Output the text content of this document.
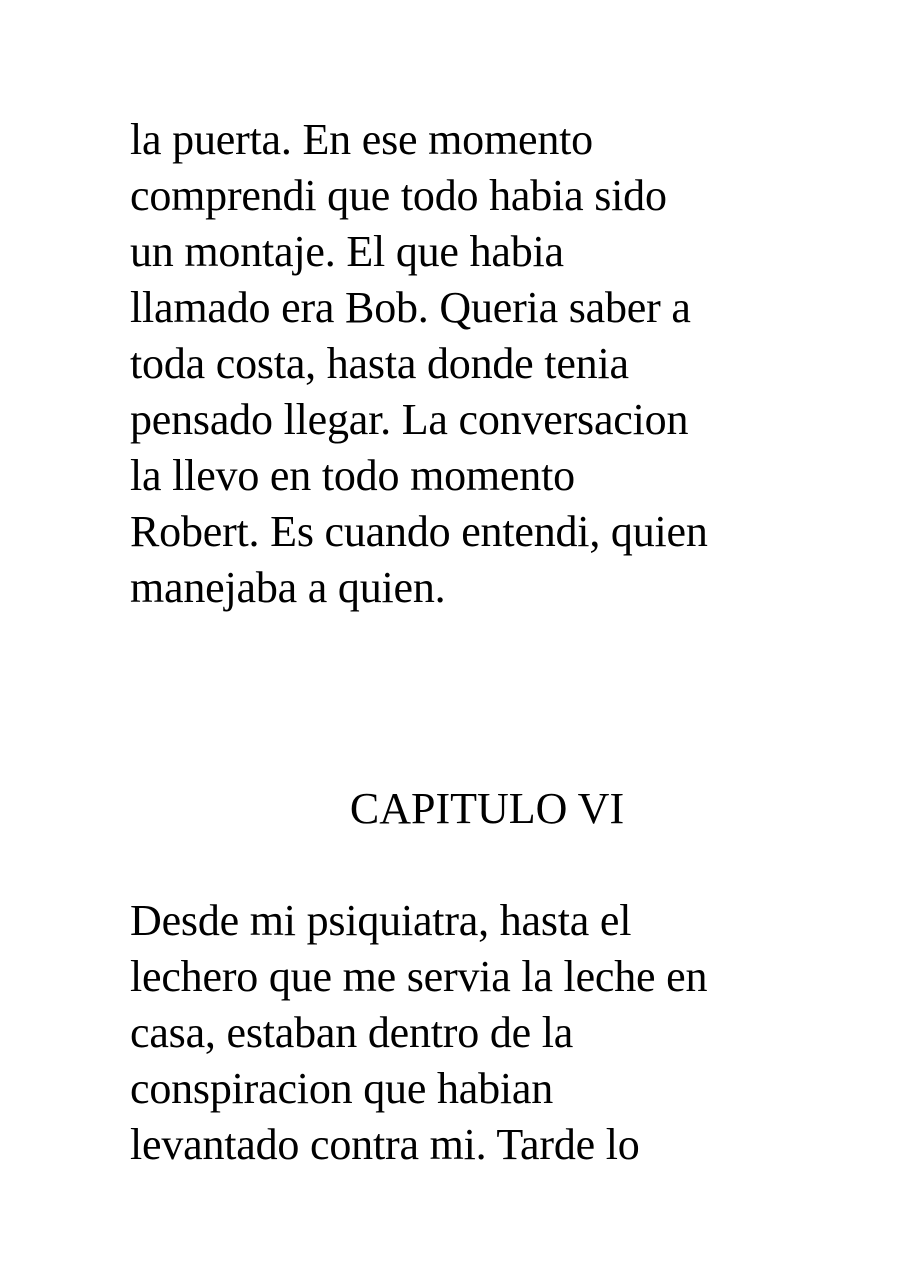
la puerta. En ese momento
comprendi que todo habia sido
un montaje. El que habia
llamado era Bob. Queria saber a
toda costa, hasta donde tenia
pensado llegar. La conversacion
la llevo en todo momento
Robert. Es cuando entendi, quien
manejaba a quien.
CAPITULO VI
Desde mi psiquiatra, hasta el
lechero que me servia la leche en
casa, estaban dentro de la
conspiracion que habian
levantado contra mi. Tarde lo
